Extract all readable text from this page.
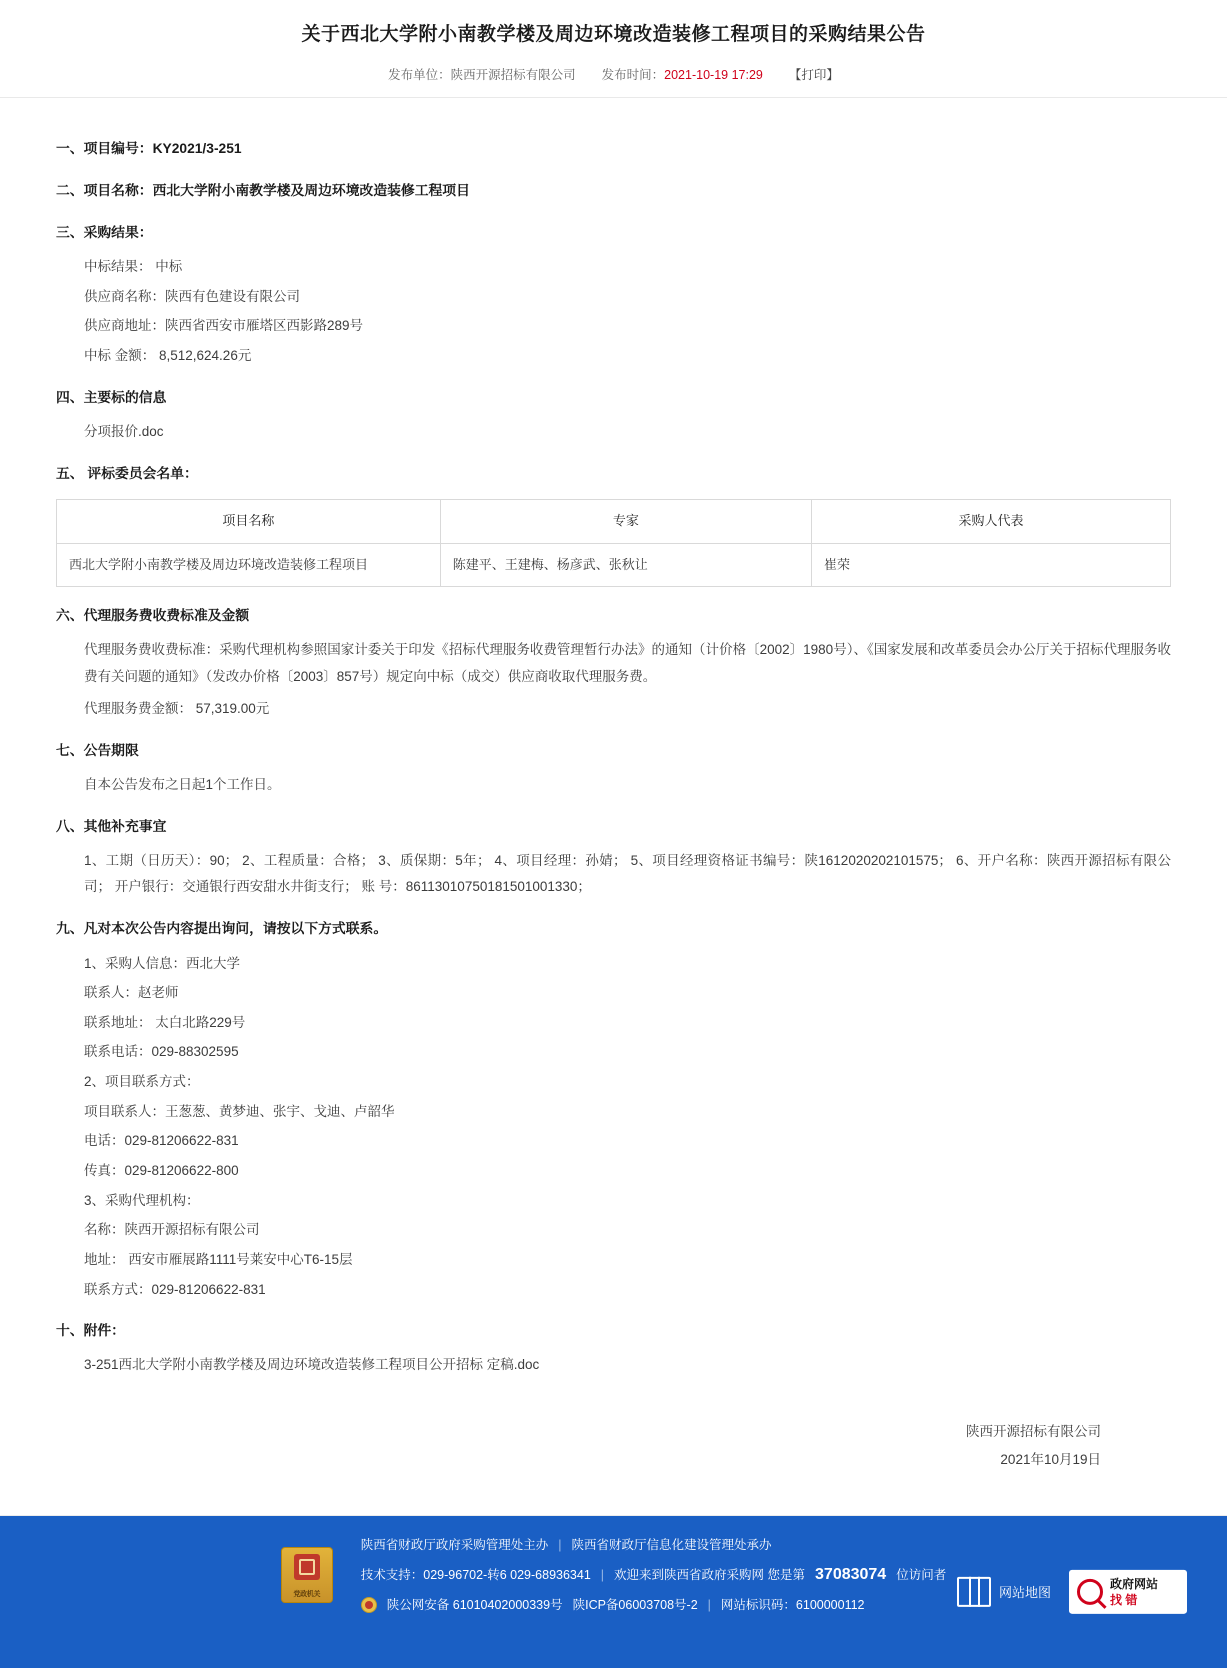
关于西北大学附小南教学楼及周边环境改造装修工程项目的采购结果公告
发布单位：陕西开源招标有限公司 发布时间：2021-10-19 17:29 【打印】
一、项目编号：KY2021/3-251
二、项目名称：西北大学附小南教学楼及周边环境改造装修工程项目
三、采购结果：
中标结果： 中标
供应商名称：陕西有色建设有限公司
供应商地址：陕西省西安市雁塔区西影路289号
中标 金额： 8,512,624.26元
四、主要标的信息
分项报价.doc
五、 评标委员会名单：
项目名称	专家	采购人代表
西北大学附小南教学楼及周边环境改造装修工程项目	陈建平、王建梅、杨彦武、张秋让	崔荣
六、代理服务费收费标准及金额
代理服务费收费标准：采购代理机构参照国家计委关于印发《招标代理服务收费管理暂行办法》的通知（计价格〔2002〕1980号）、《国家发展和改革委员会办公厅关于招标代理服务收费有关问题的通知》（发改办价格〔2003〕857号）规定向中标（成交）供应商收取代理服务费。
代理服务费金额： 57,319.00元
七、公告期限
自本公告发布之日起1个工作日。
八、其他补充事宜
1、工期（日历天）：90； 2、工程质量：合格； 3、质保期：5年； 4、项目经理：孙婧； 5、项目经理资格证书编号：陕1612020202101575； 6、开户名称：陕西开源招标有限公司； 开户银行：交通银行西安甜水井街支行； 账 号：86113010750181501001330；
九、凡对本次公告内容提出询问，请按以下方式联系。
1、采购人信息：西北大学
联系人：赵老师
联系地址： 太白北路229号
联系电话：029-88302595
2、项目联系方式：
项目联系人：王葱葱、黄梦迪、张宇、戈迪、卢韶华
电话：029-81206622-831
传真：029-81206622-800
3、采购代理机构：
名称：陕西开源招标有限公司
地址： 西安市雁展路1111号莱安中心T6-15层
联系方式：029-81206622-831
十、附件：
3-251西北大学附小南教学楼及周边环境改造装修工程项目公开招标 定稿.doc
陕西开源招标有限公司
2021年10月19日
党政机关
陕西省财政厅政府采购管理处主办 | 陕西省财政厅信息化建设管理处承办
技术支持：029-96702-转6 029-68936341 | 欢迎来到陕西省政府采购网 您是第 37083074 位访问者
陕公网安备 61010402000339号 陕ICP备06003708号-2 | 网站标识码：6100000112
网站地图
政府网站
找 错
